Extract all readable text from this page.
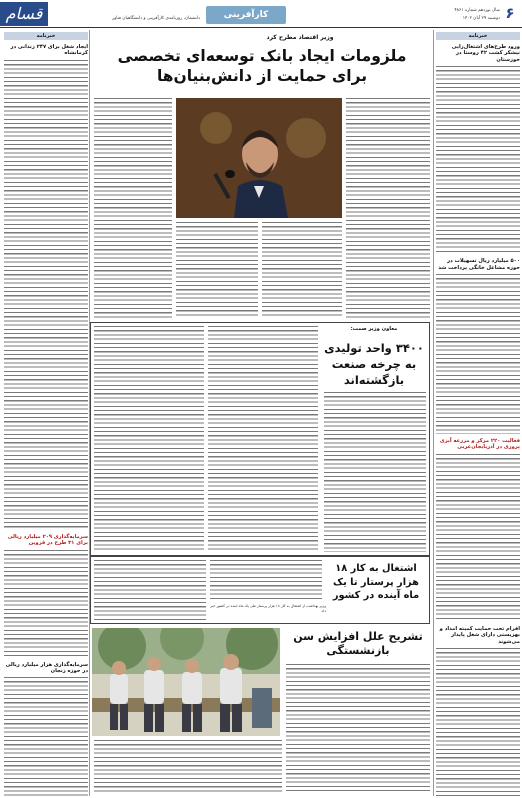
قسام	کارآفرینی	سال نوزدهم شماره ۴۸۶۱
دوشنبه ۲۹ آبان ۱۴۰۲
دانشمان، روزنامه‌ی کارآفرینی و دانشگاهیان فناور	۶
خبرنامه
ورود طرح‌های اشتغال‌زایی نیشکر کشت ۴۲ روستا در خوزستان
۵۰۰ میلیارد ریال تسهیلات در حوزه مشاغل خانگی پرداخت شد
فعالیت ۲۲۰ مرکز و مزرعه آبزی پروری در آذربایجان‌غربی
افرام تحت حمایت کمیته امداد و بهزیستی دارای شغل پایدار می‌شوند
خبرنامه
ایجاد شغل برای ۲۴۷ زندانی در کرمانشاه
سرمایه‌گذاری ۲۰۹ میلیارد ریالی برای ۳۱ طرح در قزوین
سرمایه‌گذاری هزار میلیارد ریالی در حوزه زنجان
وزیر اقتصاد مطرح کرد
ملزومات ایجاد بانک توسعه‌ای تخصصی
برای حمایت از دانش‌بنیان‌ها
معاون وزیر صمت:
۳۴۰۰ واحد تولیدی به چرخه صنعت بازگشته‌اند
اشتغال به کار ۱۸ هزار پرستار تا یک ماه آینده در کشور
وزیر بهداشت از اشتغال به کار ۱۸ هزار پرستار طی یک ماه آینده در کشور خبر داد.
تشریح علل افزایش سن بازنشستگی
